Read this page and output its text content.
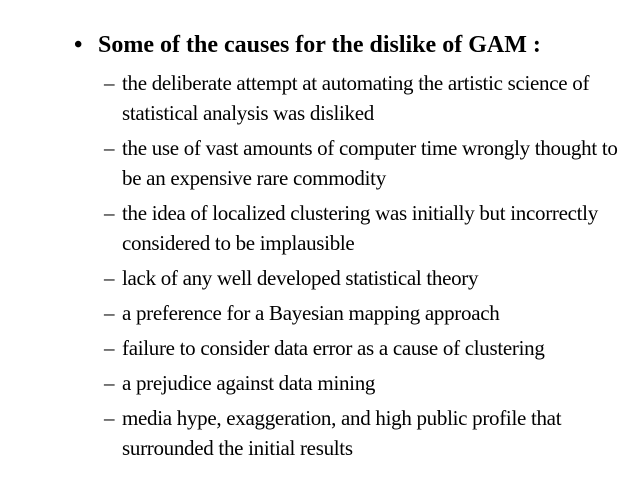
• Some of the causes for the dislike of GAM :
– the deliberate attempt at automating the artistic science of statistical analysis was disliked
– the use of vast amounts of computer time wrongly thought to be an expensive rare commodity
– the idea of localized clustering was initially but incorrectly considered to be implausible
– lack of any well developed statistical theory
– a preference for a Bayesian mapping approach
– failure to consider data error as a cause of clustering
– a prejudice against data mining
– media hype, exaggeration, and high public profile that surrounded the initial results
